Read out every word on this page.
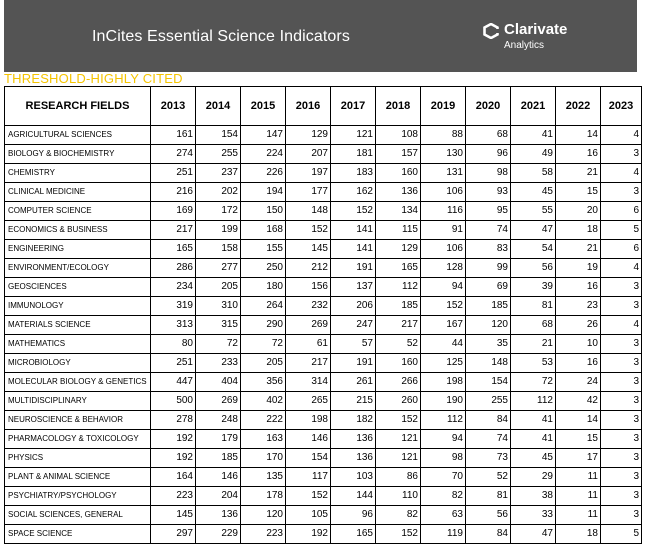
InCites Essential Science Indicators	Clarivate
Analytics
THRESHOLD-HIGHLY CITED
RESEARCH FIELDS	2013	2014	2015	2016	2017	2018	2019	2020	2021	2022	2023
AGRICULTURAL SCIENCES	161	154	147	129	121	108	88	68	41	14	4
BIOLOGY & BIOCHEMISTRY	274	255	224	207	181	157	130	96	49	16	3
CHEMISTRY	251	237	226	197	183	160	131	98	58	21	4
CLINICAL MEDICINE	216	202	194	177	162	136	106	93	45	15	3
COMPUTER SCIENCE	169	172	150	148	152	134	116	95	55	20	6
ECONOMICS & BUSINESS	217	199	168	152	141	115	91	74	47	18	5
ENGINEERING	165	158	155	145	141	129	106	83	54	21	6
ENVIRONMENT/ECOLOGY	286	277	250	212	191	165	128	99	56	19	4
GEOSCIENCES	234	205	180	156	137	112	94	69	39	16	3
IMMUNOLOGY	319	310	264	232	206	185	152	185	81	23	3
MATERIALS SCIENCE	313	315	290	269	247	217	167	120	68	26	4
MATHEMATICS	80	72	72	61	57	52	44	35	21	10	3
MICROBIOLOGY	251	233	205	217	191	160	125	148	53	16	3
MOLECULAR BIOLOGY & GENETICS	447	404	356	314	261	266	198	154	72	24	3
MULTIDISCIPLINARY	500	269	402	265	215	260	190	255	112	42	3
NEUROSCIENCE & BEHAVIOR	278	248	222	198	182	152	112	84	41	14	3
PHARMACOLOGY & TOXICOLOGY	192	179	163	146	136	121	94	74	41	15	3
PHYSICS	192	185	170	154	136	121	98	73	45	17	3
PLANT & ANIMAL SCIENCE	164	146	135	117	103	86	70	52	29	11	3
PSYCHIATRY/PSYCHOLOGY	223	204	178	152	144	110	82	81	38	11	3
SOCIAL SCIENCES, GENERAL	145	136	120	105	96	82	63	56	33	11	3
SPACE SCIENCE	297	229	223	192	165	152	119	84	47	18	5
